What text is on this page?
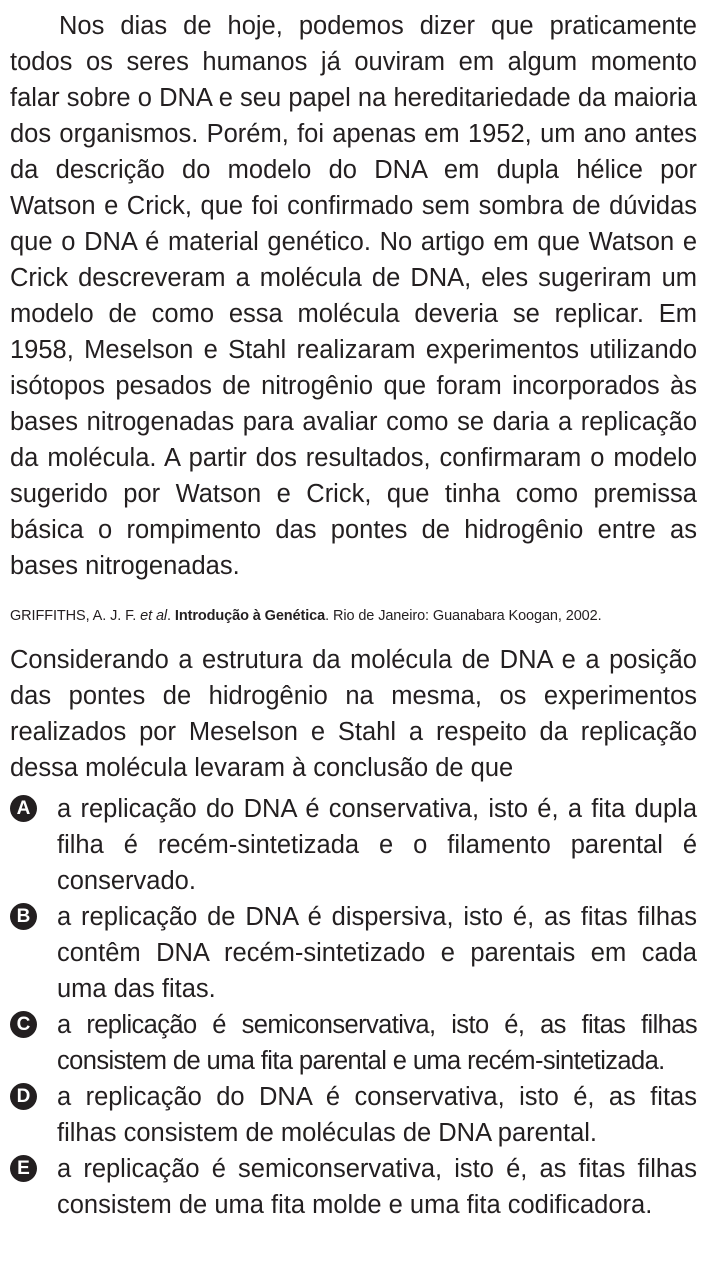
Nos dias de hoje, podemos dizer que praticamente todos os seres humanos já ouviram em algum momento falar sobre o DNA e seu papel na hereditariedade da maioria dos organismos. Porém, foi apenas em 1952, um ano antes da descrição do modelo do DNA em dupla hélice por Watson e Crick, que foi confirmado sem sombra de dúvidas que o DNA é material genético. No artigo em que Watson e Crick descreveram a molécula de DNA, eles sugeriram um modelo de como essa molécula deveria se replicar. Em 1958, Meselson e Stahl realizaram experimentos utilizando isótopos pesados de nitrogênio que foram incorporados às bases nitrogenadas para avaliar como se daria a replicação da molécula. A partir dos resultados, confirmaram o modelo sugerido por Watson e Crick, que tinha como premissa básica o rompimento das pontes de hidrogênio entre as bases nitrogenadas.

GRIFFITHS, A. J. F. et al. Introdução à Genética. Rio de Janeiro: Guanabara Koogan, 2002.

Considerando a estrutura da molécula de DNA e a posição das pontes de hidrogênio na mesma, os experimentos realizados por Meselson e Stahl a respeito da replicação dessa molécula levaram à conclusão de que

A a replicação do DNA é conservativa, isto é, a fita dupla filha é recém-sintetizada e o filamento parental é conservado.

B a replicação de DNA é dispersiva, isto é, as fitas filhas contêm DNA recém-sintetizado e parentais em cada uma das fitas.

C a replicação é semiconservativa, isto é, as fitas filhas consistem de uma fita parental e uma recém-sintetizada.

D a replicação do DNA é conservativa, isto é, as fitas filhas consistem de moléculas de DNA parental.

E a replicação é semiconservativa, isto é, as fitas filhas consistem de uma fita molde e uma fita codificadora.
